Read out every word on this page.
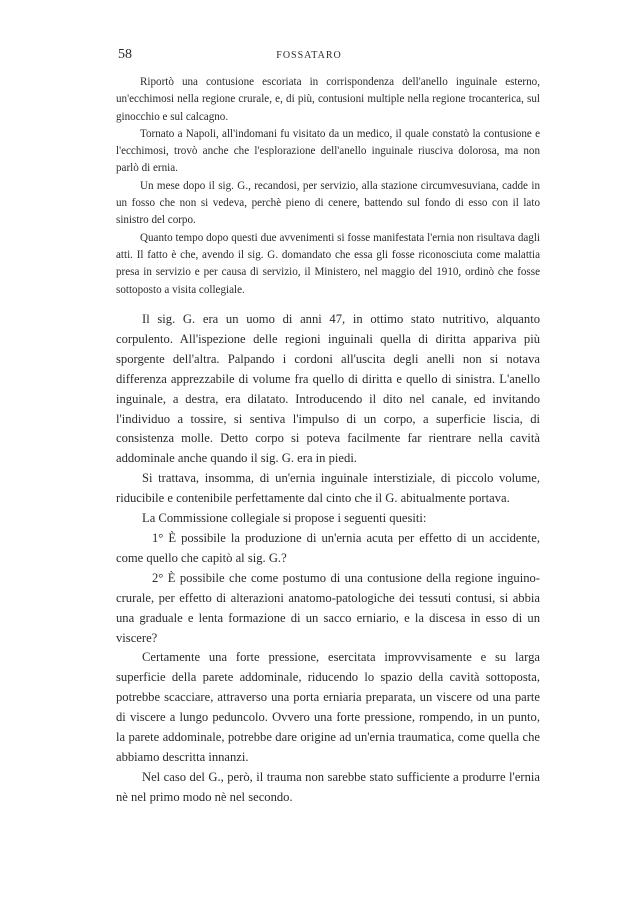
58	FOSSATARO

Riportò una contusione escoriata in corrispondenza dell'anello inguinale esterno, un'ecchimosi nella regione crurale, e, di più, contusioni multiple nella regione trocanterica, sul ginocchio e sul calcagno.

Tornato a Napoli, all'indomani fu visitato da un medico, il quale constatò la contusione e l'ecchimosi, trovò anche che l'esplorazione dell'anello inguinale riusciva dolorosa, ma non parlò di ernia.

Un mese dopo il sig. G., recandosi, per servizio, alla stazione circumvesuviana, cadde in un fosso che non si vedeva, perchè pieno di cenere, battendo sul fondo di esso con il lato sinistro del corpo.

Quanto tempo dopo questi due avvenimenti si fosse manifestata l'ernia non risultava dagli atti. Il fatto è che, avendo il sig. G. domandato che essa gli fosse riconosciuta come malattia presa in servizio e per causa di servizio, il Ministero, nel maggio del 1910, ordinò che fosse sottoposto a visita collegiale.

Il sig. G. era un uomo di anni 47, in ottimo stato nutritivo, alquanto corpulento. All'ispezione delle regioni inguinali quella di diritta appariva più sporgente dell'altra. Palpando i cordoni all'uscita degli anelli non si notava differenza apprezzabile di volume fra quello di diritta e quello di sinistra. L'anello inguinale, a destra, era dilatato. Introducendo il dito nel canale, ed invitando l'individuo a tossire, si sentiva l'impulso di un corpo, a superficie liscia, di consistenza molle. Detto corpo si poteva facilmente far rientrare nella cavità addominale anche quando il sig. G. era in piedi.

Si trattava, insomma, di un'ernia inguinale interstiziale, di piccolo volume, riducibile e contenibile perfettamente dal cinto che il G. abitualmente portava.

La Commissione collegiale si propose i seguenti quesiti:

1° È possibile la produzione di un'ernia acuta per effetto di un accidente, come quello che capitò al sig. G.?

2° È possibile che come postumo di una contusione della regione inguino-crurale, per effetto di alterazioni anatomo-patologiche dei tessuti contusi, si abbia una graduale e lenta formazione di un sacco erniario, e la discesa in esso di un viscere?

Certamente una forte pressione, esercitata improvvisamente e su larga superficie della parete addominale, riducendo lo spazio della cavità sottoposta, potrebbe scacciare, attraverso una porta erniaria preparata, un viscere od una parte di viscere a lungo peduncolo. Ovvero una forte pressione, rompendo, in un punto, la parete addominale, potrebbe dare origine ad un'ernia traumatica, come quella che abbiamo descritta innanzi.

Nel caso del G., però, il trauma non sarebbe stato sufficiente a produrre l'ernia nè nel primo modo nè nel secondo.
